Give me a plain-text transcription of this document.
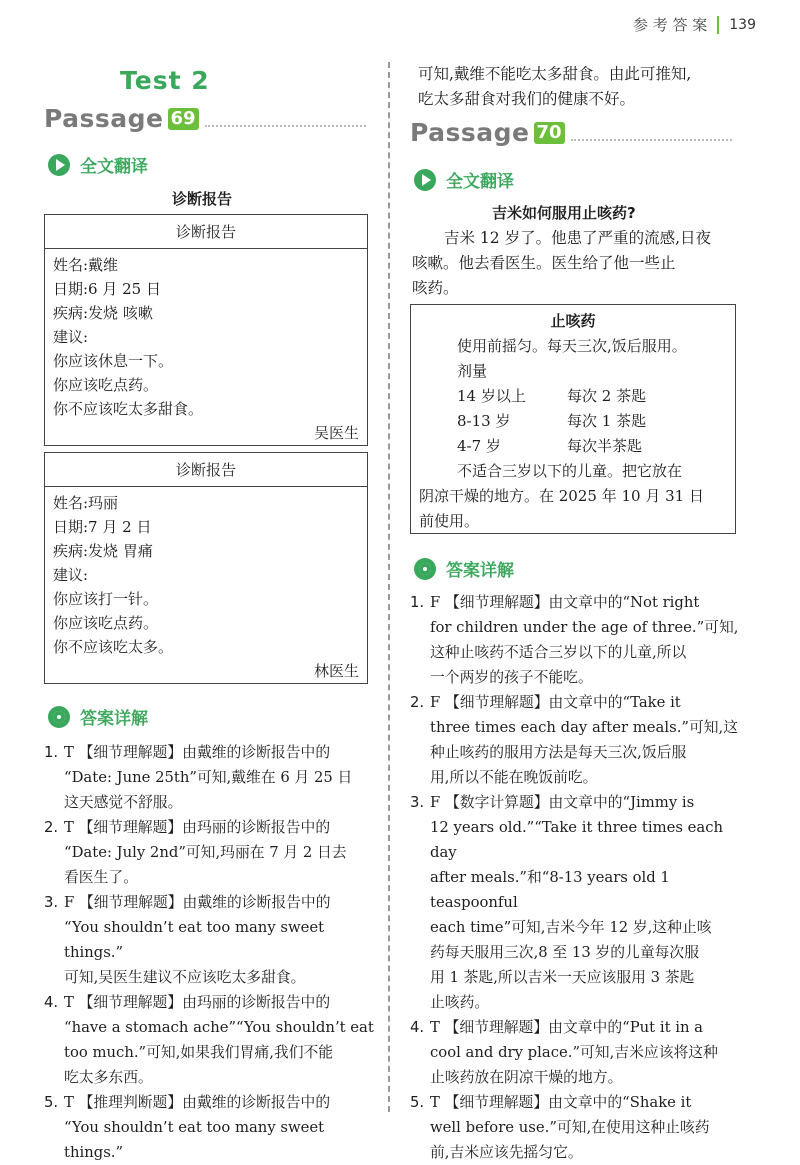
参 考 答 案 139
Test 2
Passage 69
全文翻译
诊断报告
诊断报告
姓名:戴维
日期:6 月 25 日
疾病:发烧 咳嗽
建议:
你应该休息一下。
你应该吃点药。
你不应该吃太多甜食。
吴医生
诊断报告
姓名:玛丽
日期:7 月 2 日
疾病:发烧 胃痛
建议:
你应该打一针。
你应该吃点药。
你不应该吃太多。
林医生
答案详解
1. T 【细节理解题】由戴维的诊断报告中的
“Date: June 25th”可知,戴维在 6 月 25 日
这天感觉不舒服。
2. T 【细节理解题】由玛丽的诊断报告中的
“Date: July 2nd”可知,玛丽在 7 月 2 日去
看医生了。
3. F 【细节理解题】由戴维的诊断报告中的
“You shouldn’t eat too many sweet things.”
可知,吴医生建议不应该吃太多甜食。
4. T 【细节理解题】由玛丽的诊断报告中的
“have a stomach ache”“You shouldn’t eat
too much.”可知,如果我们胃痛,我们不能
吃太多东西。
5. T 【推理判断题】由戴维的诊断报告中的
“You shouldn’t eat too many sweet things.”
可知,戴维不能吃太多甜食。由此可推知,
吃太多甜食对我们的健康不好。
Passage 70
全文翻译
吉米如何服用止咳药?
吉米 12 岁了。他患了严重的流感,日夜
咳嗽。他去看医生。医生给了他一些止
咳药。
止咳药
使用前摇匀。每天三次,饭后服用。
剂量
14 岁以上	每次 2 茶匙
8-13 岁	每次 1 茶匙
4-7 岁	每次半茶匙
不适合三岁以下的儿童。把它放在
阴凉干燥的地方。在 2025 年 10 月 31 日
前使用。
答案详解
1. F 【细节理解题】由文章中的“Not right
for children under the age of three.”可知,
这种止咳药不适合三岁以下的儿童,所以
一个两岁的孩子不能吃。
2. F 【细节理解题】由文章中的“Take it
three times each day after meals.”可知,这
种止咳药的服用方法是每天三次,饭后服
用,所以不能在晚饭前吃。
3. F 【数字计算题】由文章中的“Jimmy is
12 years old.”“Take it three times each day
after meals.”和“8-13 years old 1 teaspoonful
each time”可知,吉米今年 12 岁,这种止咳
药每天服用三次,8 至 13 岁的儿童每次服
用 1 茶匙,所以吉米一天应该服用 3 茶匙
止咳药。
4. T 【细节理解题】由文章中的“Put it in a
cool and dry place.”可知,吉米应该将这种
止咳药放在阴凉干燥的地方。
5. T 【细节理解题】由文章中的“Shake it
well before use.”可知,在使用这种止咳药
前,吉米应该先摇匀它。
